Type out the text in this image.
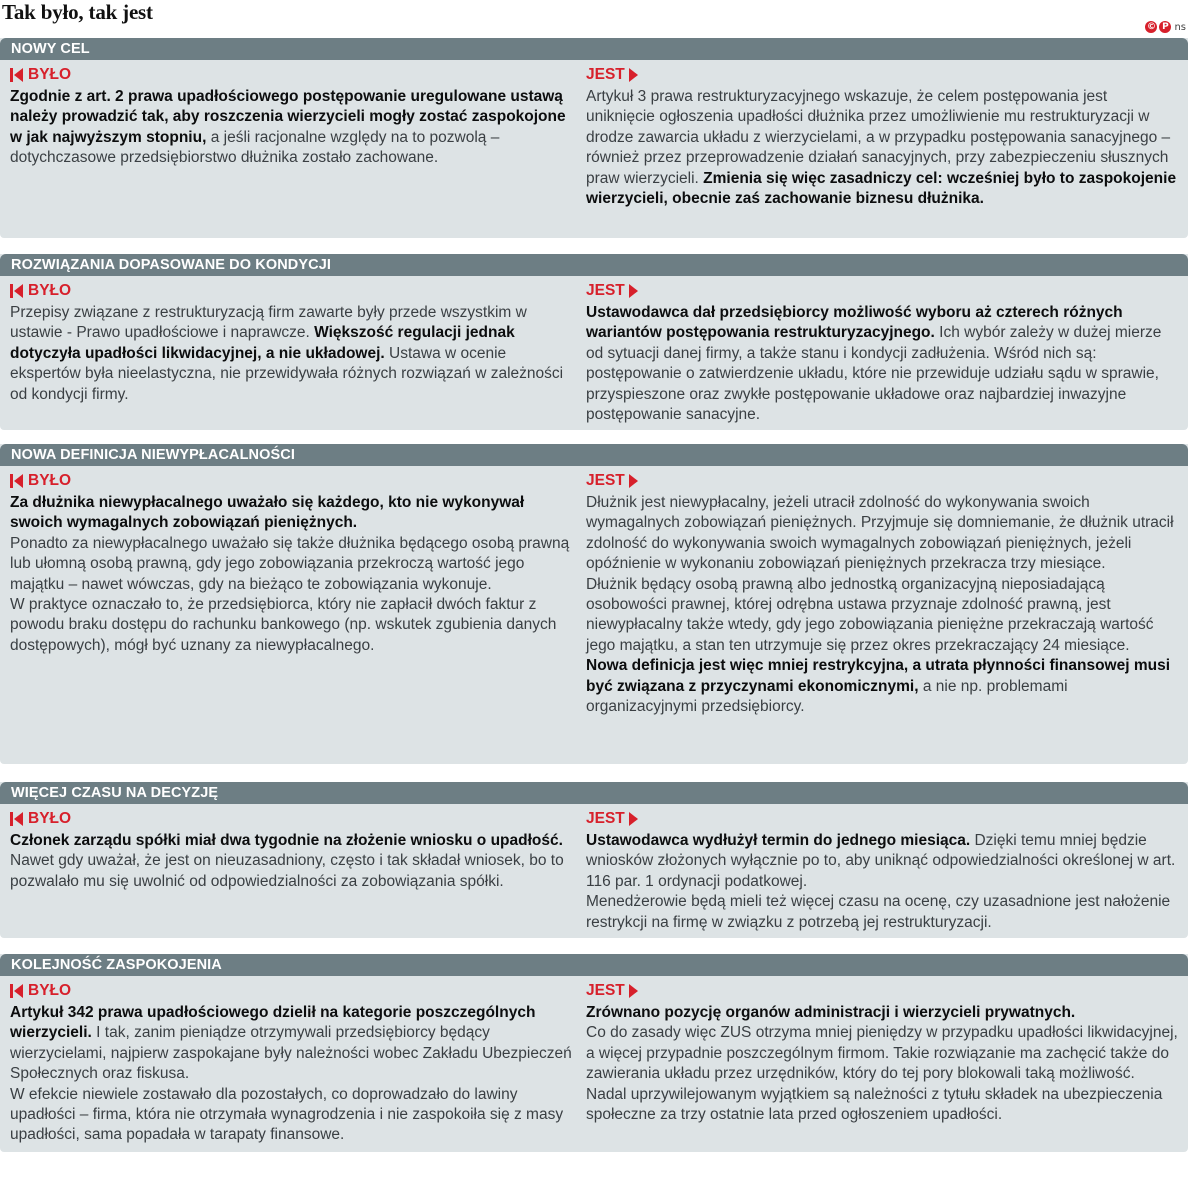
Tak było, tak jest
© P ns
NOWY CEL
BYŁO
Zgodnie z art. 2 prawa upadłościowego postępowanie uregulowane ustawą należy prowadzić tak, aby roszczenia wierzycieli mogły zostać zaspokojone w jak najwyższym stopniu, a jeśli racjonalne względy na to pozwolą – dotychczasowe przedsiębiorstwo dłużnika zostało zachowane.
JEST
Artykuł 3 prawa restrukturyzacyjnego wskazuje, że celem postępowania jest uniknięcie ogłoszenia upadłości dłużnika przez umożliwienie mu restrukturyzacji w drodze zawarcia układu z wierzycielami, a w przypadku postępowania sanacyjnego – również przez przeprowadzenie działań sanacyjnych, przy zabezpieczeniu słusznych praw wierzycieli. Zmienia się więc zasadniczy cel: wcześniej było to zaspokojenie wierzycieli, obecnie zaś zachowanie biznesu dłużnika.
ROZWIĄZANIA DOPASOWANE DO KONDYCJI
BYŁO
Przepisy związane z restrukturyzacją firm zawarte były przede wszystkim w ustawie - Prawo upadłościowe i naprawcze. Większość regulacji jednak dotyczyła upadłości likwidacyjnej, a nie układowej. Ustawa w ocenie ekspertów była nieelastyczna, nie przewidywała różnych rozwiązań w zależności od kondycji firmy.
JEST
Ustawodawca dał przedsiębiorcy możliwość wyboru aż czterech różnych wariantów postępowania restrukturyzacyjnego. Ich wybór zależy w dużej mierze od sytuacji danej firmy, a także stanu i kondycji zadłużenia. Wśród nich są: postępowanie o zatwierdzenie układu, które nie przewiduje udziału sądu w sprawie, przyspieszone oraz zwykłe postępowanie układowe oraz najbardziej inwazyjne postępowanie sanacyjne.
NOWA DEFINICJA NIEWYPŁACALNOŚCI
BYŁO
Za dłużnika niewypłacalnego uważało się każdego, kto nie wykonywał swoich wymagalnych zobowiązań pieniężnych.
Ponadto za niewypłacalnego uważało się także dłużnika będącego osobą prawną lub ułomną osobą prawną, gdy jego zobowiązania przekroczą wartość jego majątku – nawet wówczas, gdy na bieżąco te zobowiązania wykonuje.
W praktyce oznaczało to, że przedsiębiorca, który nie zapłacił dwóch faktur z powodu braku dostępu do rachunku bankowego (np. wskutek zgubienia danych dostępowych), mógł być uznany za niewypłacalnego.
JEST
Dłużnik jest niewypłacalny, jeżeli utracił zdolność do wykonywania swoich wymagalnych zobowiązań pieniężnych. Przyjmuje się domniemanie, że dłużnik utracił zdolność do wykonywania swoich wymagalnych zobowiązań pieniężnych, jeżeli opóźnienie w wykonaniu zobowiązań pieniężnych przekracza trzy miesiące.
Dłużnik będący osobą prawną albo jednostką organizacyjną nieposiadającą osobowości prawnej, której odrębna ustawa przyznaje zdolność prawną, jest niewypłacalny także wtedy, gdy jego zobowiązania pieniężne przekraczają wartość jego majątku, a stan ten utrzymuje się przez okres przekraczający 24 miesiące.
Nowa definicja jest więc mniej restrykcyjna, a utrata płynności finansowej musi być związana z przyczynami ekonomicznymi, a nie np. problemami organizacyjnymi przedsiębiorcy.
WIĘCEJ CZASU NA DECYZJĘ
BYŁO
Członek zarządu spółki miał dwa tygodnie na złożenie wniosku o upadłość. Nawet gdy uważał, że jest on nieuzasadniony, często i tak składał wniosek, bo to pozwalało mu się uwolnić od odpowiedzialności za zobowiązania spółki.
JEST
Ustawodawca wydłużył termin do jednego miesiąca. Dzięki temu mniej będzie wniosków złożonych wyłącznie po to, aby uniknąć odpowiedzialności określonej w art. 116 par. 1 ordynacji podatkowej.
Menedżerowie będą mieli też więcej czasu na ocenę, czy uzasadnione jest nałożenie restrykcji na firmę w związku z potrzebą jej restrukturyzacji.
KOLEJNOŚĆ ZASPOKOJENIA
BYŁO
Artykuł 342 prawa upadłościowego dzielił na kategorie poszczególnych wierzycieli. I tak, zanim pieniądze otrzymywali przedsiębiorcy będący wierzycielami, najpierw zaspokajane były należności wobec Zakładu Ubezpieczeń Społecznych oraz fiskusa.
W efekcie niewiele zostawało dla pozostałych, co doprowadzało do lawiny upadłości – firma, która nie otrzymała wynagrodzenia i nie zaspokoiła się z masy upadłości, sama popadała w tarapaty finansowe.
JEST
Zrównano pozycję organów administracji i wierzycieli prywatnych.
Co do zasady więc ZUS otrzyma mniej pieniędzy w przypadku upadłości likwidacyjnej, a więcej przypadnie poszczególnym firmom. Takie rozwiązanie ma zachęcić także do zawierania układu przez urzędników, który do tej pory blokowali taką możliwość. Nadal uprzywilejowanym wyjątkiem są należności z tytułu składek na ubezpieczenia społeczne za trzy ostatnie lata przed ogłoszeniem upadłości.
